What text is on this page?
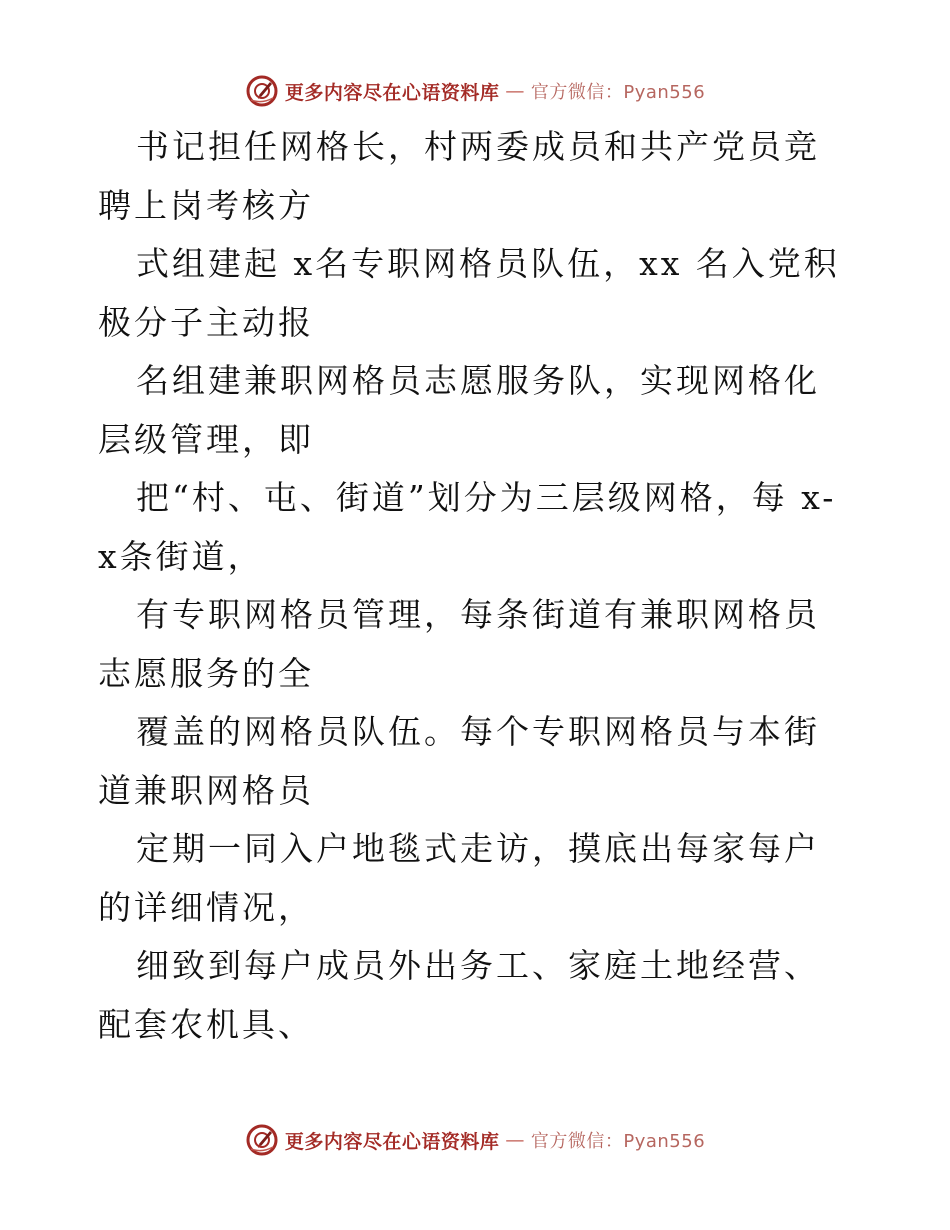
更多内容尽在心语资料库 — 官方微信：Pyan556

书记担任网格长，村两委成员和共产党员竞聘上岗考核方

式组建起 x名专职网格员队伍，xx 名入党积极分子主动报

名组建兼职网格员志愿服务队，实现网格化层级管理，即

把“村、屯、街道”划分为三层级网格，每 x-x条街道，

有专职网格员管理，每条街道有兼职网格员志愿服务的全

覆盖的网格员队伍。每个专职网格员与本街道兼职网格员

定期一同入户地毯式走访，摸底出每家每户的详细情况，

细致到每户成员外出务工、家庭土地经营、配套农机具、

更多内容尽在心语资料库 — 官方微信：Pyan556
